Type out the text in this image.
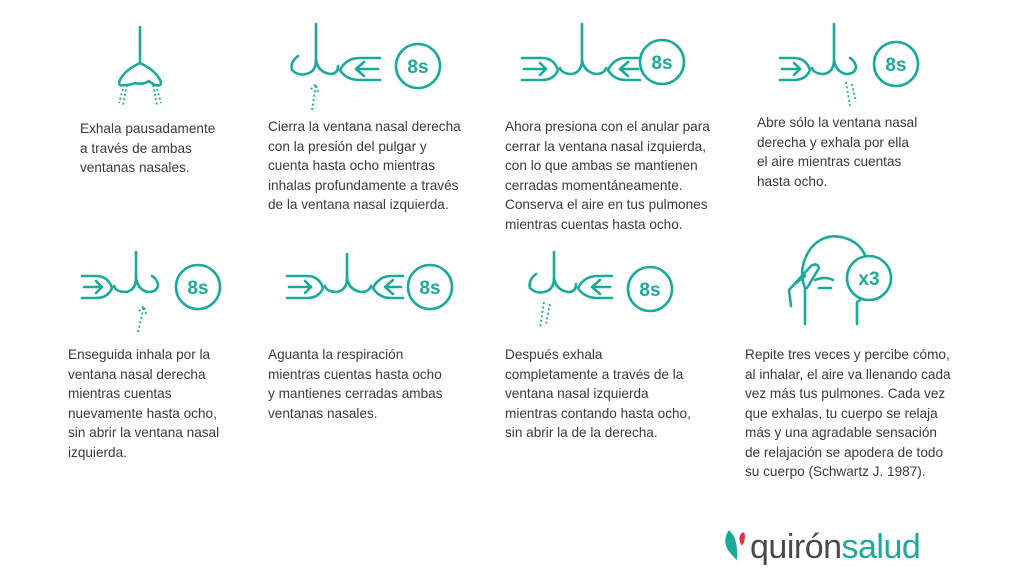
Exhala pausadamente
a través de ambas
ventanas nasales.
Cierra la ventana nasal derecha
con la presión del pulgar y
cuenta hasta ocho mientras
inhalas profundamente a través
de la ventana nasal izquierda.
Ahora presiona con el anular para
cerrar la ventana nasal izquierda,
con lo que ambas se mantienen
cerradas momentáneamente.
Conserva el aire en tus pulmones
mientras cuentas hasta ocho.
Abre sólo la ventana nasal
derecha y exhala por ella
el aire mientras cuentas
hasta ocho.
Enseguida inhala por la
ventana nasal derecha
mientras cuentas
nuevamente hasta ocho,
sin abrir la ventana nasal
izquierda.
Aguanta la respiración
mientras cuentas hasta ocho
y mantienes cerradas ambas
ventanas nasales.
Después exhala
completamente a través de la
ventana nasal izquierda
mientras contando hasta ocho,
sin abrir la de la derecha.
Repite tres veces y percibe cómo,
al inhalar, el aire va llenando cada
vez más tus pulmones. Cada vez
que exhalas, tu cuerpo se relaja
más y una agradable sensación
de relajación se apodera de todo
su cuerpo (Schwartz J. 1987).
8s	8s	8s
8s	8s	8s
x3
quirónsalud
